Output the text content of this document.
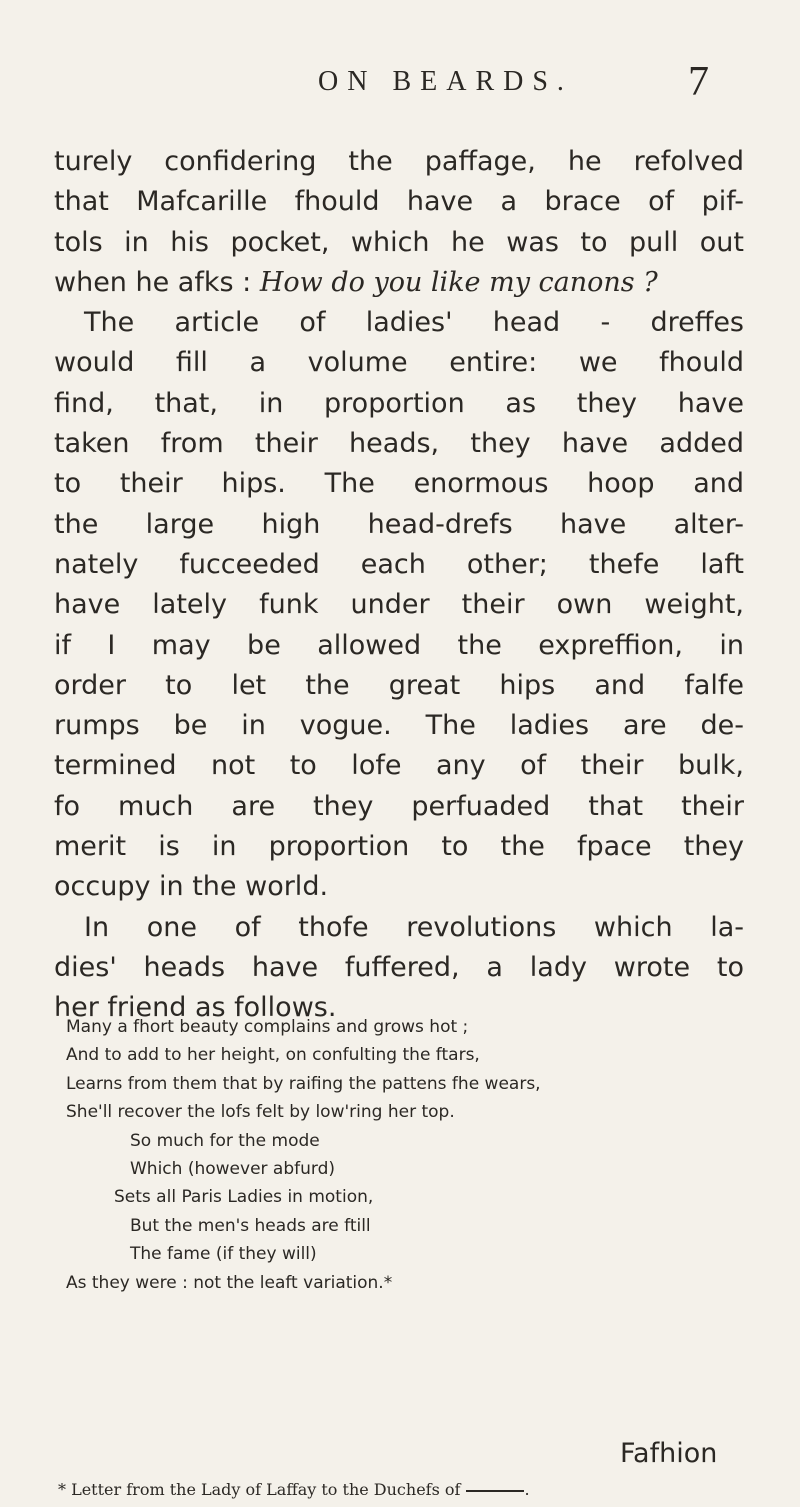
ON BEARDS.	7
turely confidering the paffage, he refolved
that Mafcarille fhould have a brace of pif-
tols in his pocket, which he was to pull out
when he afks : How do you like my canons ?
The article of ladies' head - dreffes
would fill a volume entire: we fhould
find, that, in proportion as they have
taken from their heads, they have added
to their hips. The enormous hoop and
the large high head-drefs have alter-
nately fucceeded each other; thefe laft
have lately funk under their own weight,
if I may be allowed the expreffion, in
order to let the great hips and falfe
rumps be in vogue. The ladies are de-
termined not to lofe any of their bulk,
fo much are they perfuaded that their
merit is in proportion to the fpace they
occupy in the world.
In one of thofe revolutions which la-
dies' heads have fuffered, a lady wrote to
her friend as follows.
Many a fhort beauty complains and grows hot ;
And to add to her height, on confulting the ftars,
Learns from them that by raifing the pattens fhe wears,
She'll recover the lofs felt by low'ring her top.
So much for the mode
Which (however abfurd)
Sets all Paris Ladies in motion,
But the men's heads are ftill
The fame (if they will)
As they were : not the leaft variation.*
Fafhion
* Letter from the Lady of Laffay to the Duchefs of	.
